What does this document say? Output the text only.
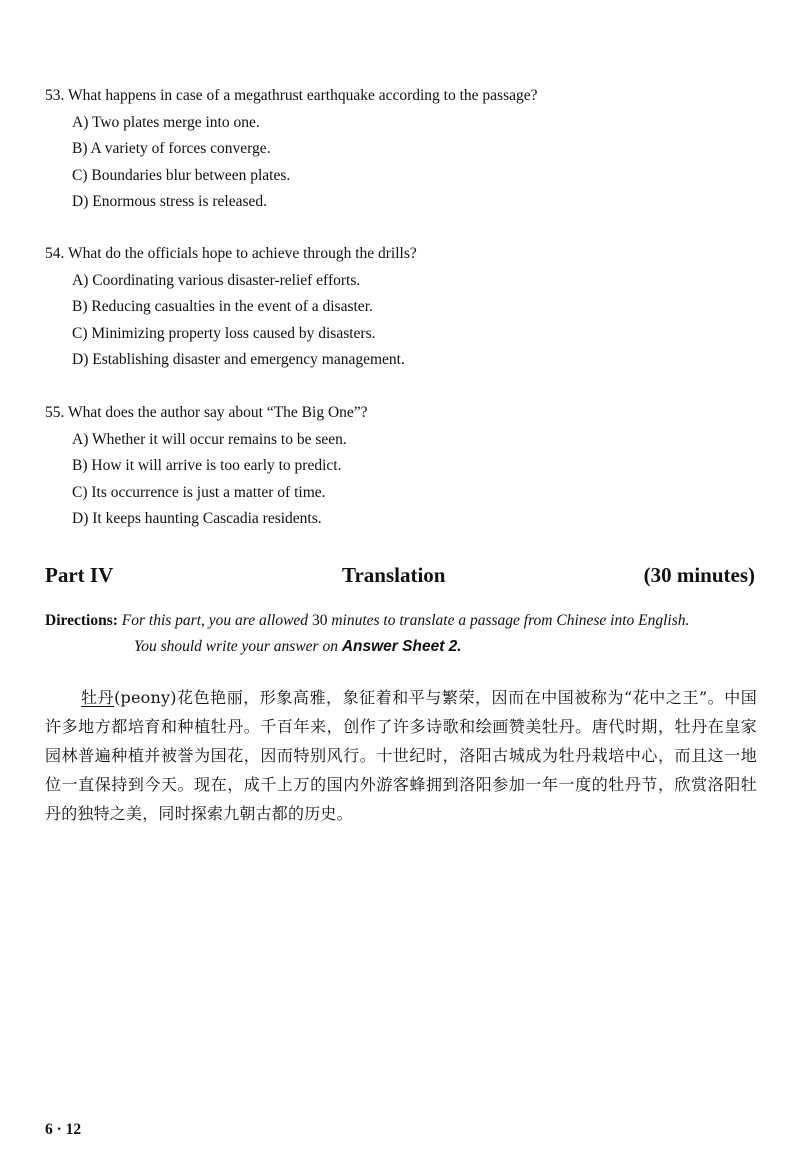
53. What happens in case of a megathrust earthquake according to the passage?
A) Two plates merge into one.
B) A variety of forces converge.
C) Boundaries blur between plates.
D) Enormous stress is released.
54. What do the officials hope to achieve through the drills?
A) Coordinating various disaster-relief efforts.
B) Reducing casualties in the event of a disaster.
C) Minimizing property loss caused by disasters.
D) Establishing disaster and emergency management.
55. What does the author say about “The Big One”?
A) Whether it will occur remains to be seen.
B) How it will arrive is too early to predict.
C) Its occurrence is just a matter of time.
D) It keeps haunting Cascadia residents.
Part IV	Translation	(30 minutes)
Directions: For this part, you are allowed 30 minutes to translate a passage from Chinese into English.
You should write your answer on Answer Sheet 2.
牡丹(peony)花色艳丽，形象高雅，象征着和平与繁荣，因而在中国被称为“花中之王”。中国许多地方都培育和种植牡丹。千百年来，创作了许多诗歌和绘画赞美牡丹。唐代时期，牡丹在皇家园林普遍种植并被誉为国花，因而特别风行。十世纪时，洛阳古城成为牡丹栽培中心，而且这一地位一直保持到今天。现在，成千上万的国内外游客蜂拥到洛阳参加一年一度的牡丹节，欣赏洛阳牡丹的独特之美，同时探索九朝古都的历史。
6 · 12
